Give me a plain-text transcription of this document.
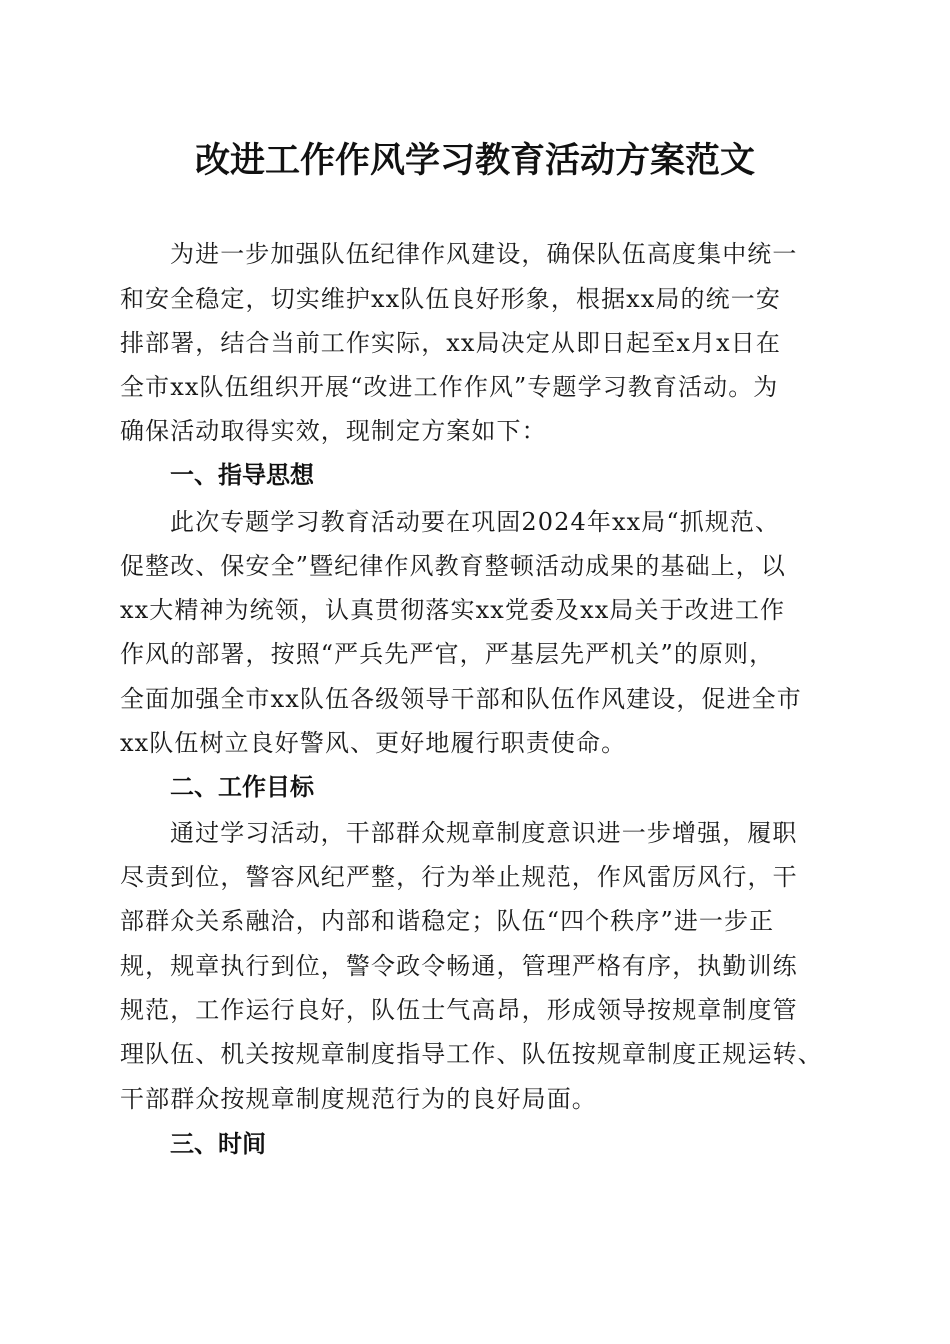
改进工作作风学习教育活动方案范文
为进一步加强队伍纪律作风建设，确保队伍高度集中统一
和安全稳定，切实维护xx队伍良好形象，根据xx局的统一安
排部署，结合当前工作实际，xx局决定从即日起至x月x日在
全市xx队伍组织开展“改进工作作风”专题学习教育活动。为
确保活动取得实效，现制定方案如下：
一、指导思想
此次专题学习教育活动要在巩固2024年xx局“抓规范、
促整改、保安全”暨纪律作风教育整顿活动成果的基础上，以
xx大精神为统领，认真贯彻落实xx党委及xx局关于改进工作
作风的部署，按照“严兵先严官，严基层先严机关”的原则，
全面加强全市xx队伍各级领导干部和队伍作风建设，促进全市
xx队伍树立良好警风、更好地履行职责使命。
二、工作目标
通过学习活动，干部群众规章制度意识进一步增强，履职
尽责到位，警容风纪严整，行为举止规范，作风雷厉风行，干
部群众关系融洽，内部和谐稳定；队伍“四个秩序”进一步正
规，规章执行到位，警令政令畅通，管理严格有序，执勤训练
规范，工作运行良好，队伍士气高昂，形成领导按规章制度管
理队伍、机关按规章制度指导工作、队伍按规章制度正规运转、
干部群众按规章制度规范行为的良好局面。
三、时间
